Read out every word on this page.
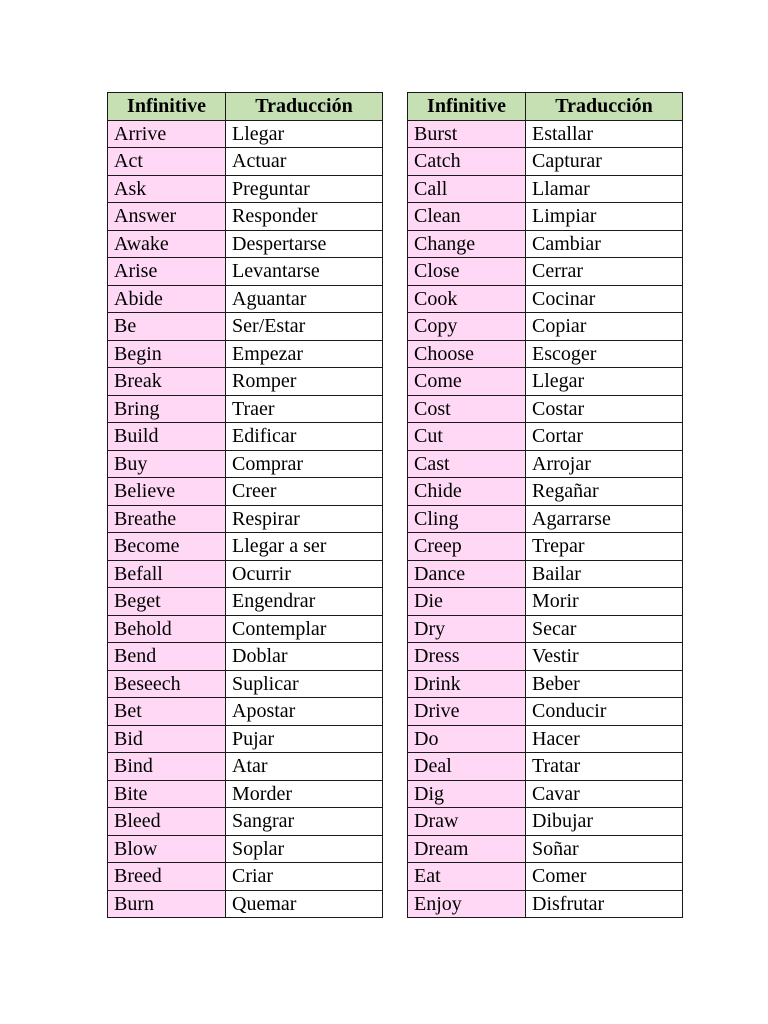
Infinitive	Traducción
Arrive	Llegar
Act	Actuar
Ask	Preguntar
Answer	Responder
Awake	Despertarse
Arise	Levantarse
Abide	Aguantar
Be	Ser/Estar
Begin	Empezar
Break	Romper
Bring	Traer
Build	Edificar
Buy	Comprar
Believe	Creer
Breathe	Respirar
Become	Llegar a ser
Befall	Ocurrir
Beget	Engendrar
Behold	Contemplar
Bend	Doblar
Beseech	Suplicar
Bet	Apostar
Bid	Pujar
Bind	Atar
Bite	Morder
Bleed	Sangrar
Blow	Soplar
Breed	Criar
Burn	Quemar
Infinitive	Traducción
Burst	Estallar
Catch	Capturar
Call	Llamar
Clean	Limpiar
Change	Cambiar
Close	Cerrar
Cook	Cocinar
Copy	Copiar
Choose	Escoger
Come	Llegar
Cost	Costar
Cut	Cortar
Cast	Arrojar
Chide	Regañar
Cling	Agarrarse
Creep	Trepar
Dance	Bailar
Die	Morir
Dry	Secar
Dress	Vestir
Drink	Beber
Drive	Conducir
Do	Hacer
Deal	Tratar
Dig	Cavar
Draw	Dibujar
Dream	Soñar
Eat	Comer
Enjoy	Disfrutar
